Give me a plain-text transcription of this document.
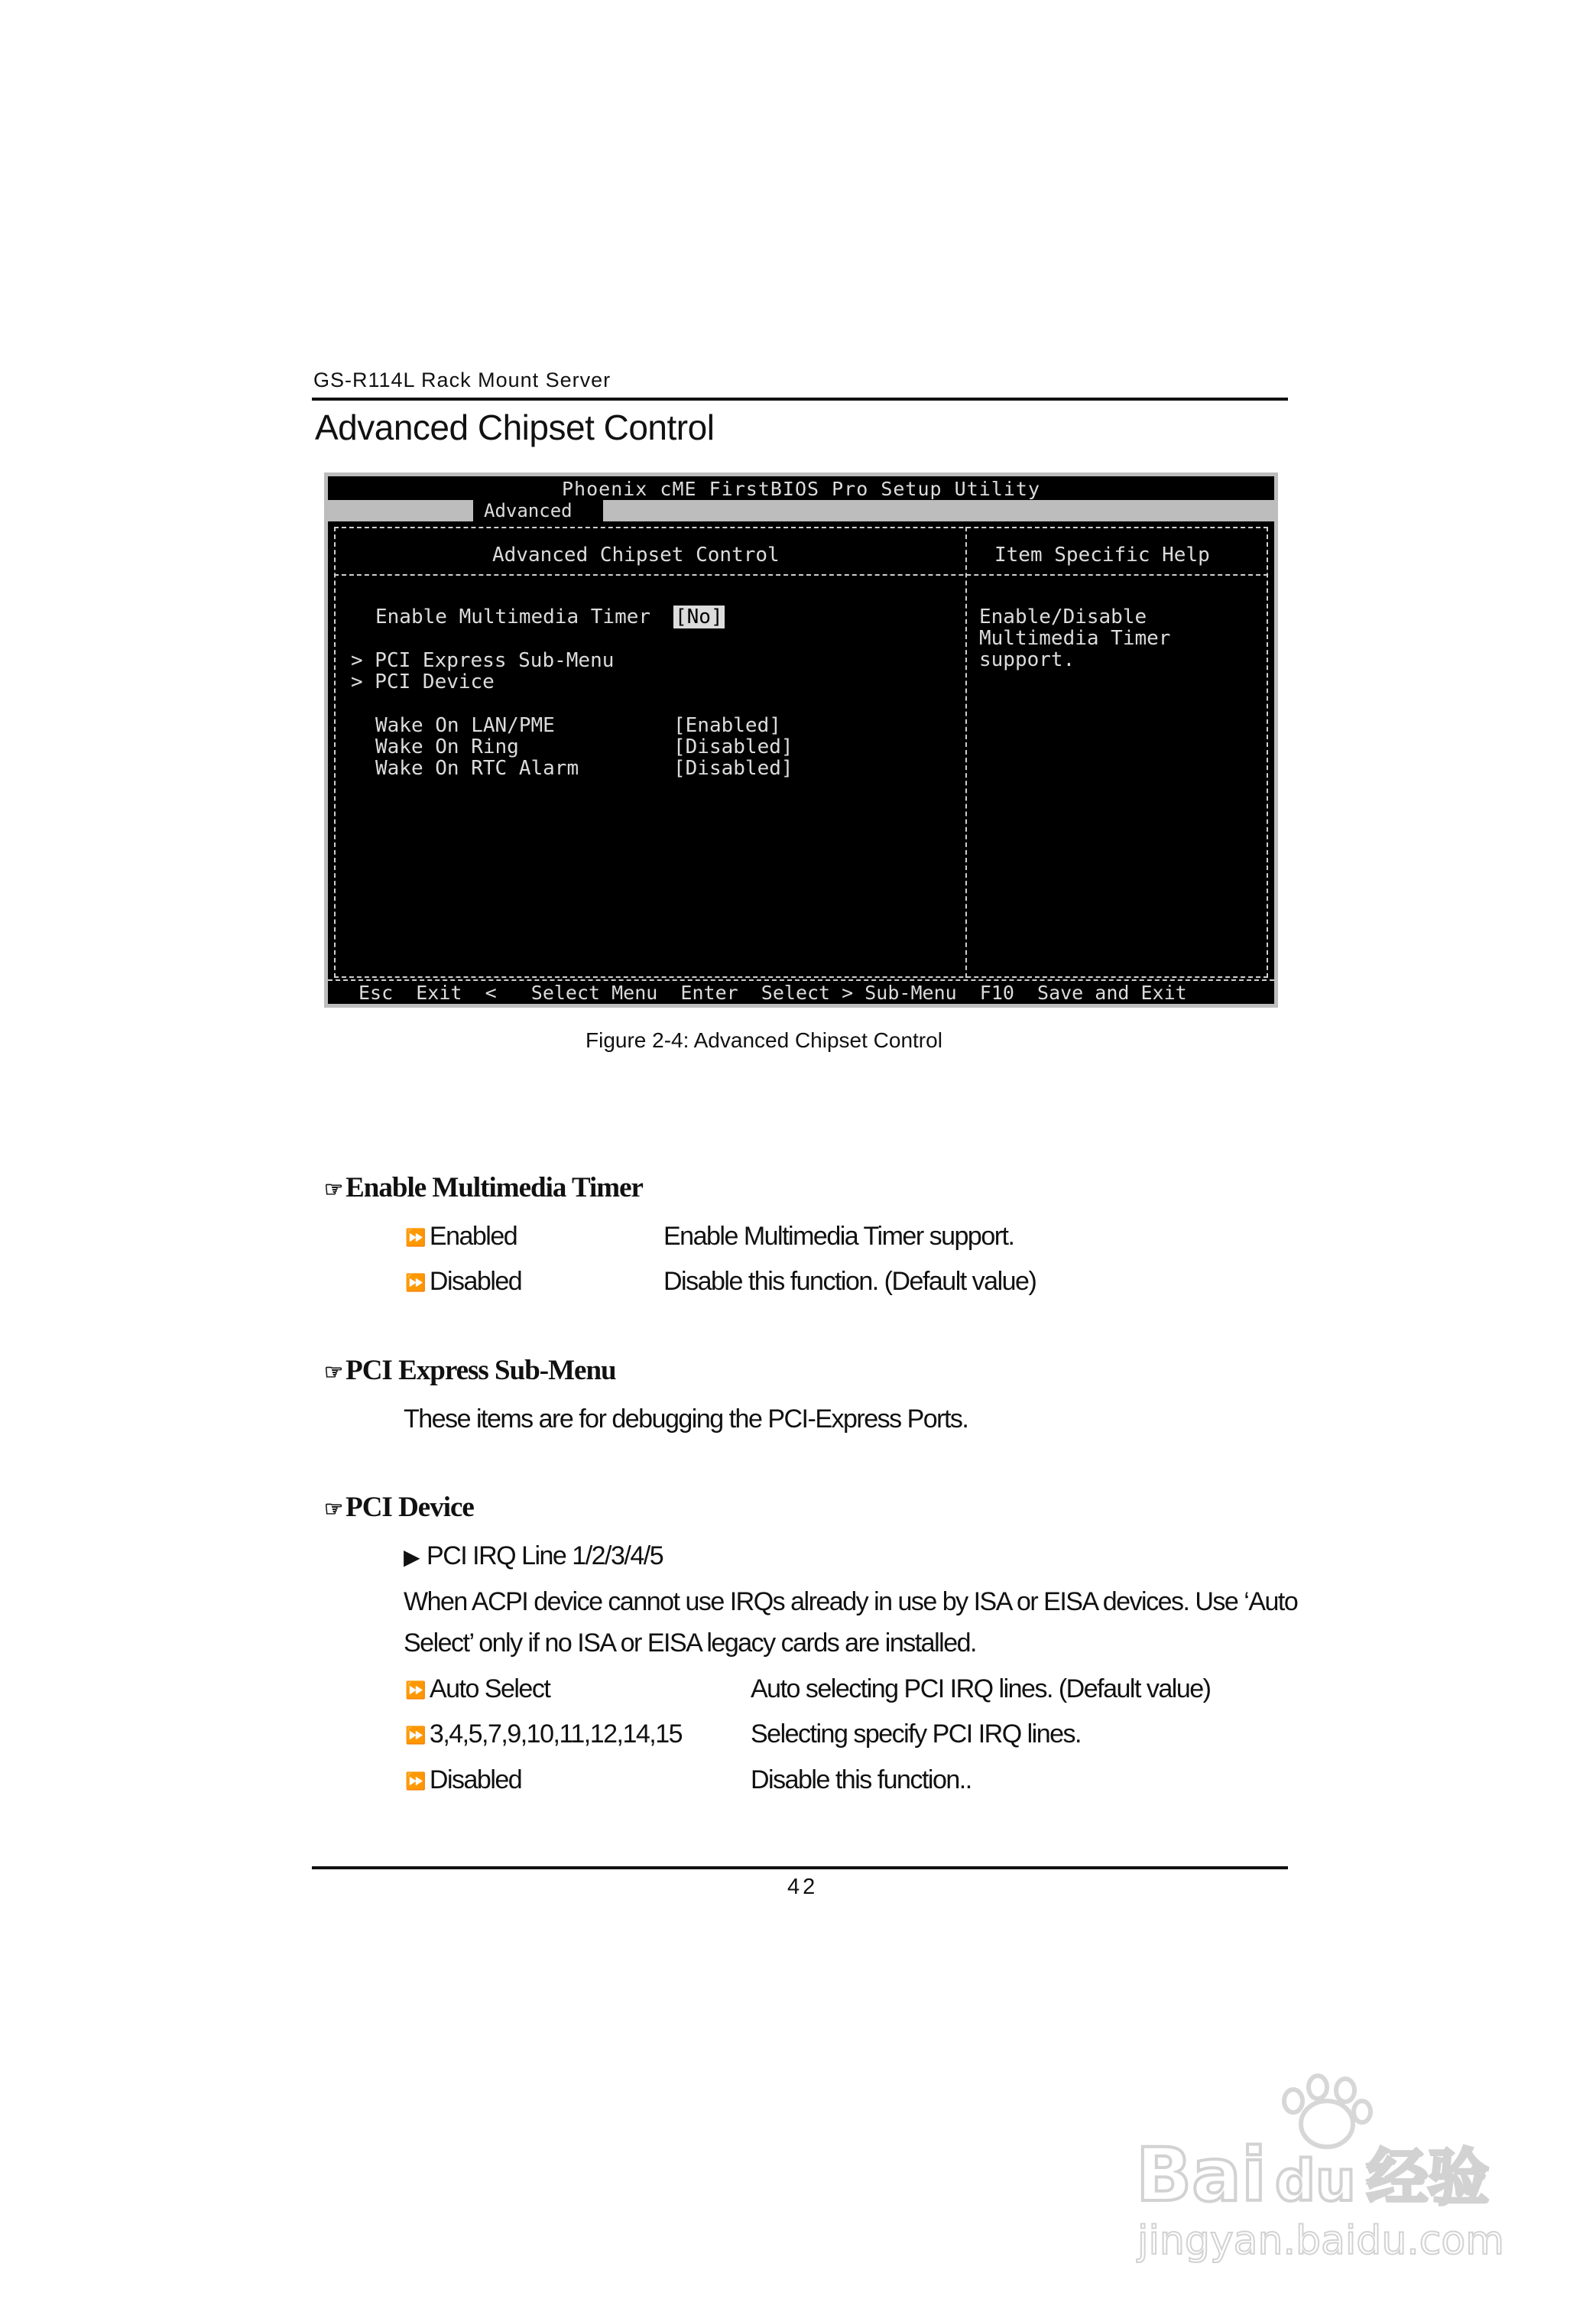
GS-R114L Rack Mount Server
Advanced Chipset Control
Phoenix cME FirstBIOS Pro Setup Utility
Advanced
Advanced Chipset Control	Item Specific Help
Enable Multimedia Timer [No]
> PCI Express Sub-Menu
> PCI Device
Wake On LAN/PME	[Enabled]
Wake On Ring	[Disabled]
Wake On RTC Alarm	[Disabled]
Enable/Disable
Multimedia Timer
support.
Esc  Exit  <   Select Menu  Enter  Select > Sub-Menu  F10  Save and Exit
Figure 2-4: Advanced Chipset Control
☞ Enable Multimedia Timer
⏩ Enabled	Enable Multimedia Timer support.
⏩ Disabled	Disable this function. (Default value)
☞ PCI Express Sub-Menu
These items are for debugging the PCI-Express Ports.
☞ PCI Device
▶ PCI IRQ Line 1/2/3/4/5
When ACPI device cannot use IRQs already in use by ISA or EISA devices. Use ‘Auto
Select’ only if no ISA or EISA legacy cards are installed.
⏩ Auto Select	Auto selecting PCI IRQ lines. (Default value)
⏩ 3,4,5,7,9,10,11,12,14,15	Selecting specify PCI IRQ lines.
⏩ Disabled	Disable this function..
42
Bai du 经验
jingyan.baidu.com
